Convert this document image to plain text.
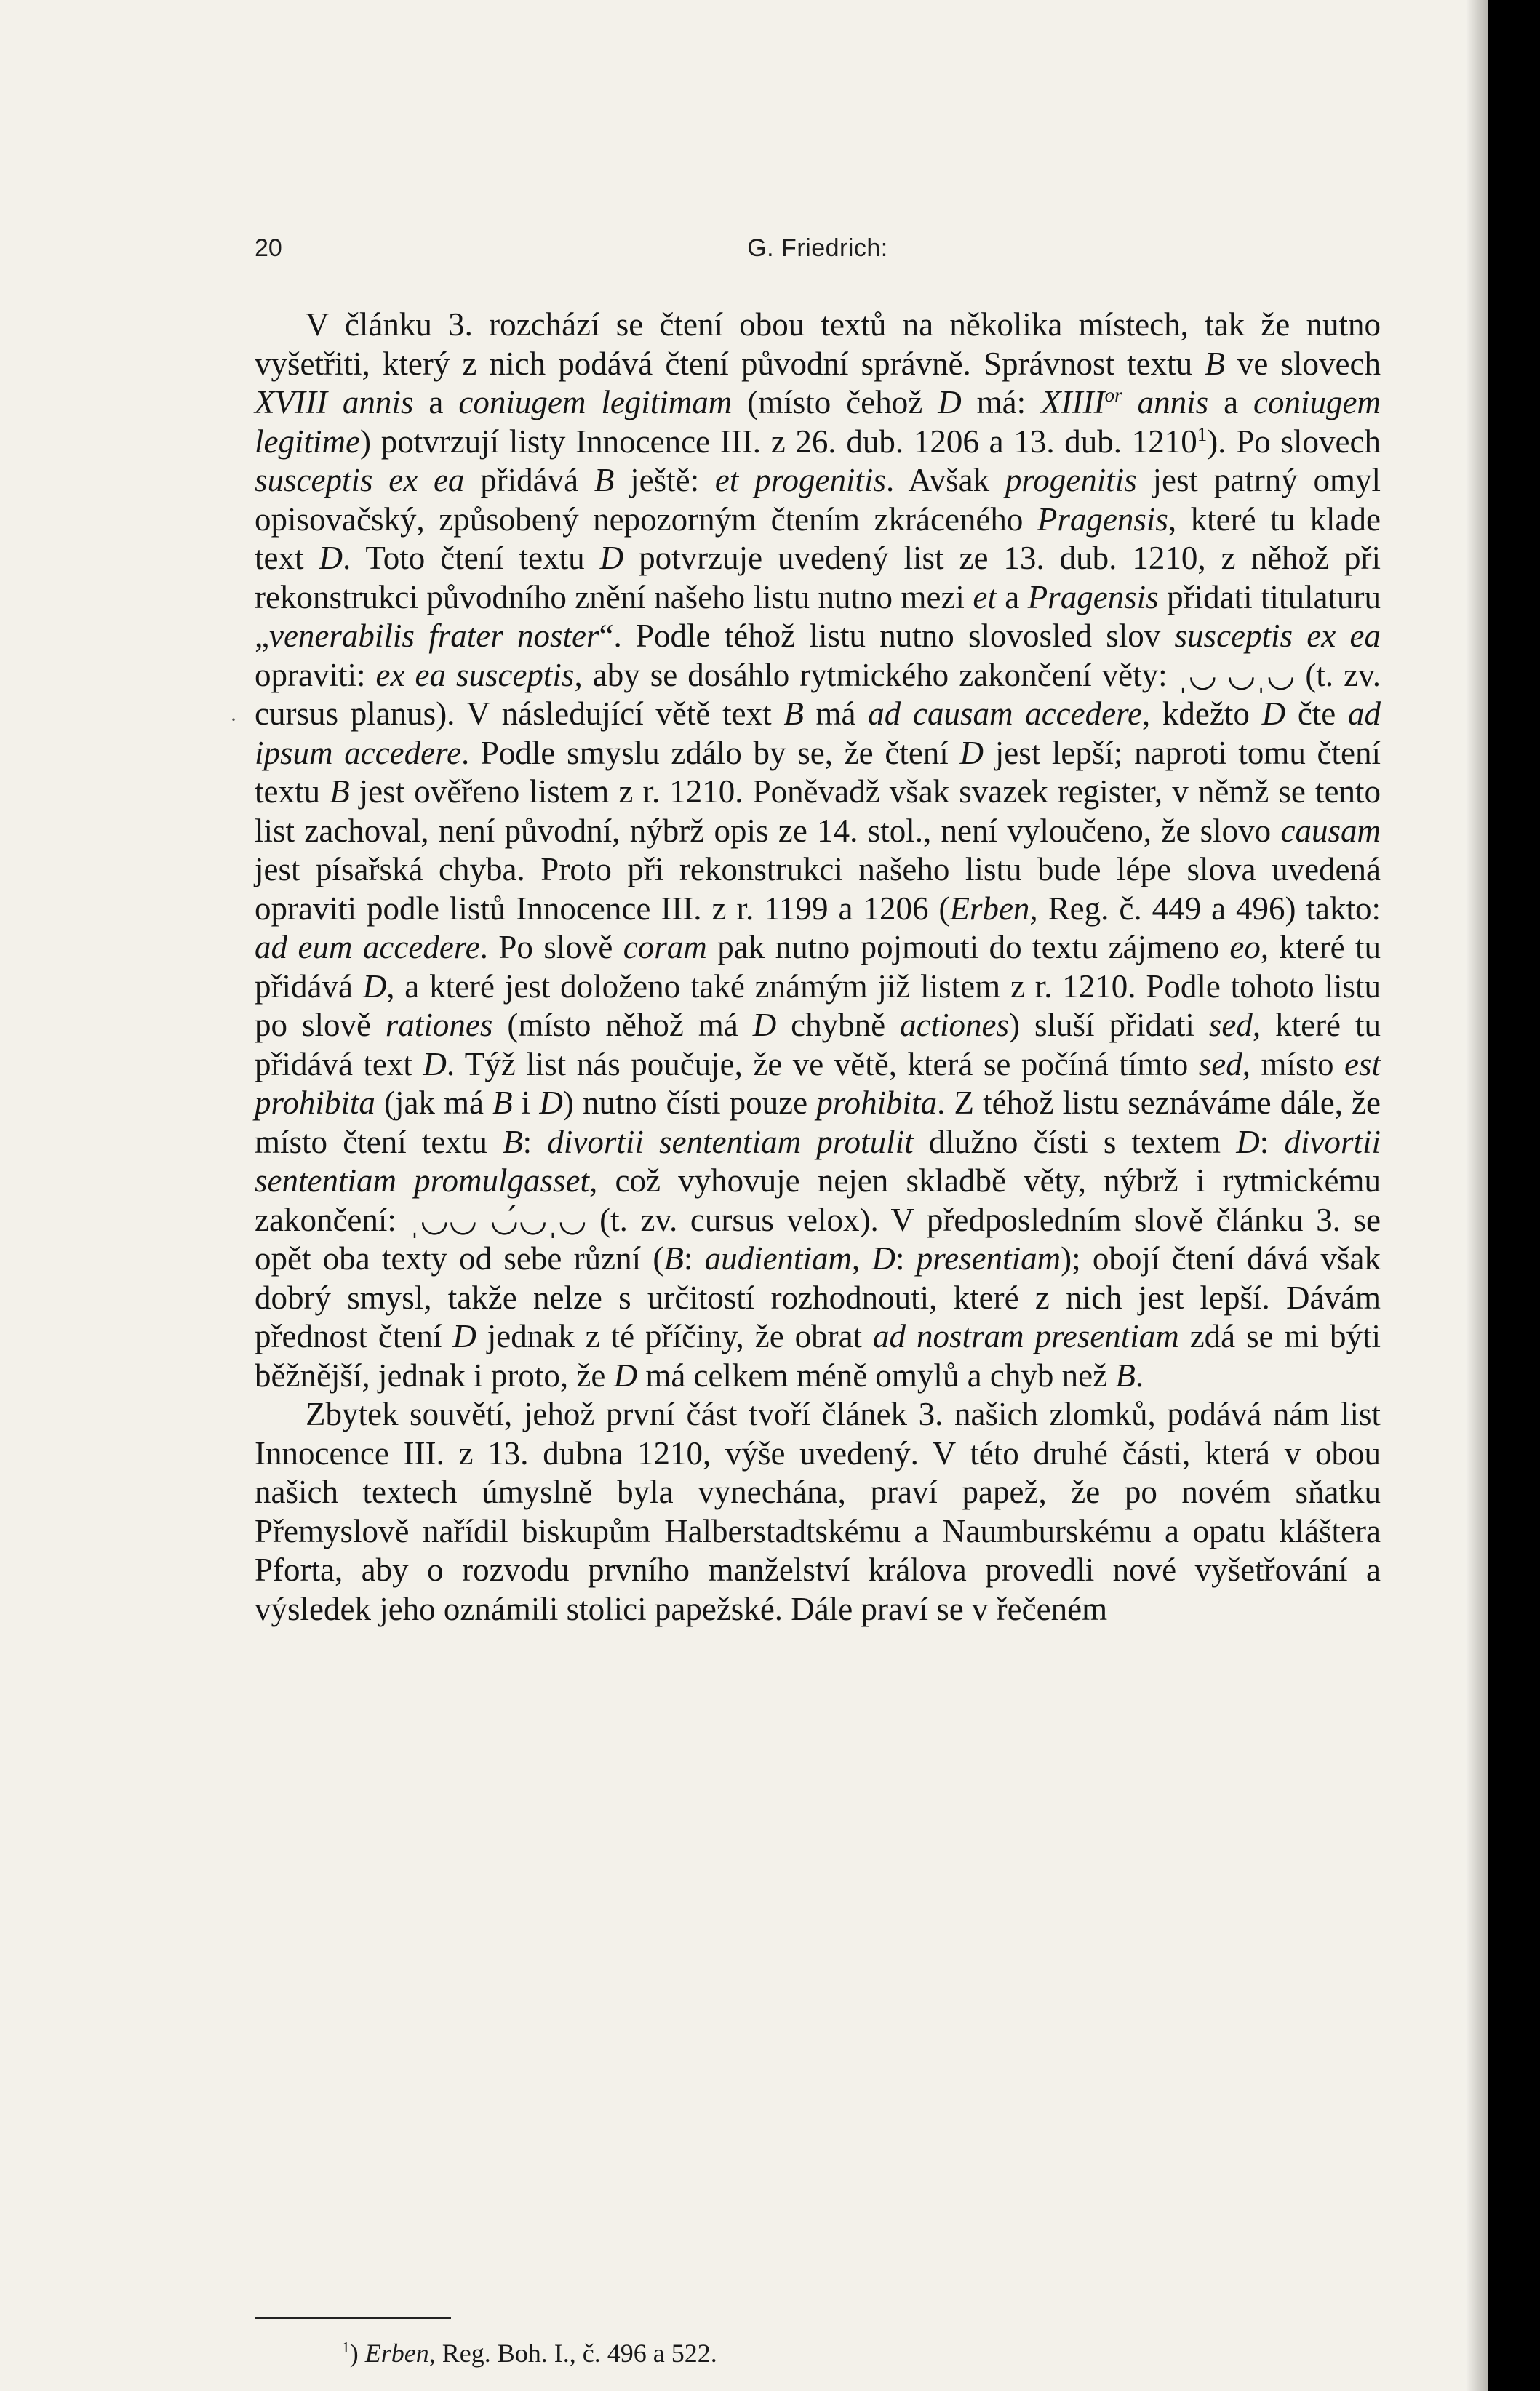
20	G. Friedrich:
·

V článku 3. rozchází se čtení obou textů na několika místech, tak že nutno vyšetřiti, který z nich podává čtení původní správně. Správnost textu B ve slovech XVIII annis a coniugem legitimam (místo čehož D má: $XIIII^{or}$ annis a coniugem legitime) potvrzují listy Innocence III. z 26. dub. 1206 a 13. dub. 1210$^1$). Po slovech susceptis ex ea přidává B ještě: et progenitis. Avšak progenitis jest patrný omyl opisovačský, způsobený nepozorným čtením zkráceného Pragensis, které tu klade text D. Toto čtení textu D potvrzuje uvedený list ze 13. dub. 1210, z něhož při rekonstrukci původního znění našeho listu nutno mezi et a Pragensis přidati titulaturu „venerabilis frater noster“. Podle téhož listu nutno slovosled slov susceptis ex ea opraviti: ex ea susceptis, aby se dosáhlo rytmického zakončení věty: ˌ◡ ◡ˌ◡ (t. zv. cursus planus). V následující větě text B má ad causam accedere, kdežto D čte ad ipsum accedere. Podle smyslu zdálo by se, že čtení D jest lepší; naproti tomu čtení textu B jest ověřeno listem z r. 1210. Poněvadž však svazek register, v němž se tento list zachoval, není původní, nýbrž opis ze 14. stol., není vyloučeno, že slovo causam jest písařská chyba. Proto při rekonstrukci našeho listu bude lépe slova uvedená opraviti podle listů Innocence III. z r. 1199 a 1206 (Erben, Reg. č. 449 a 496) takto: ad eum accedere. Po slově coram pak nutno pojmouti do textu zájmeno eo, které tu přidává D, a které jest doloženo také známým již listem z r. 1210. Podle tohoto listu po slově rationes (místo něhož má D chybně actiones) sluší přidati sed, které tu přidává text D. Týž list nás poučuje, že ve větě, která se počíná tímto sed, místo est prohibita (jak má B i D) nutno čísti pouze prohibita. Z téhož listu seznáváme dále, že místo čtení textu B: divortii sententiam protulit dlužno čísti s textem D: divortii sententiam promulgasset, což vyhovuje nejen skladbě věty, nýbrž i rytmickému zakončení: ˌ◡◡ ◡́◡ˌ◡ (t. zv. cursus velox). V předposledním slově článku 3. se opět oba texty od sebe různí (B: audientiam, D: presentiam); obojí čtení dává však dobrý smysl, takže nelze s určitostí rozhodnouti, které z nich jest lepší. Dávám přednost čtení D jednak z té příčiny, že obrat ad nostram presentiam zdá se mi býti běžnější, jednak i proto, že D má celkem méně omylů a chyb než B.

Zbytek souvětí, jehož první část tvoří článek 3. našich zlomků, podává nám list Innocence III. z 13. dubna 1210, výše uvedený. V této druhé části, která v obou našich textech úmyslně byla vynechána, praví papež, že po novém sňatku Přemyslově nařídil biskupům Halberstadtskému a Naumburskému a opatu kláštera Pforta, aby o rozvodu prvního manželství králova provedli nové vyšetřování a výsledek jeho oznámili stolici papežské. Dále praví se v řečeném

$^1$) Erben, Reg. Boh. I., č. 496 a 522.
